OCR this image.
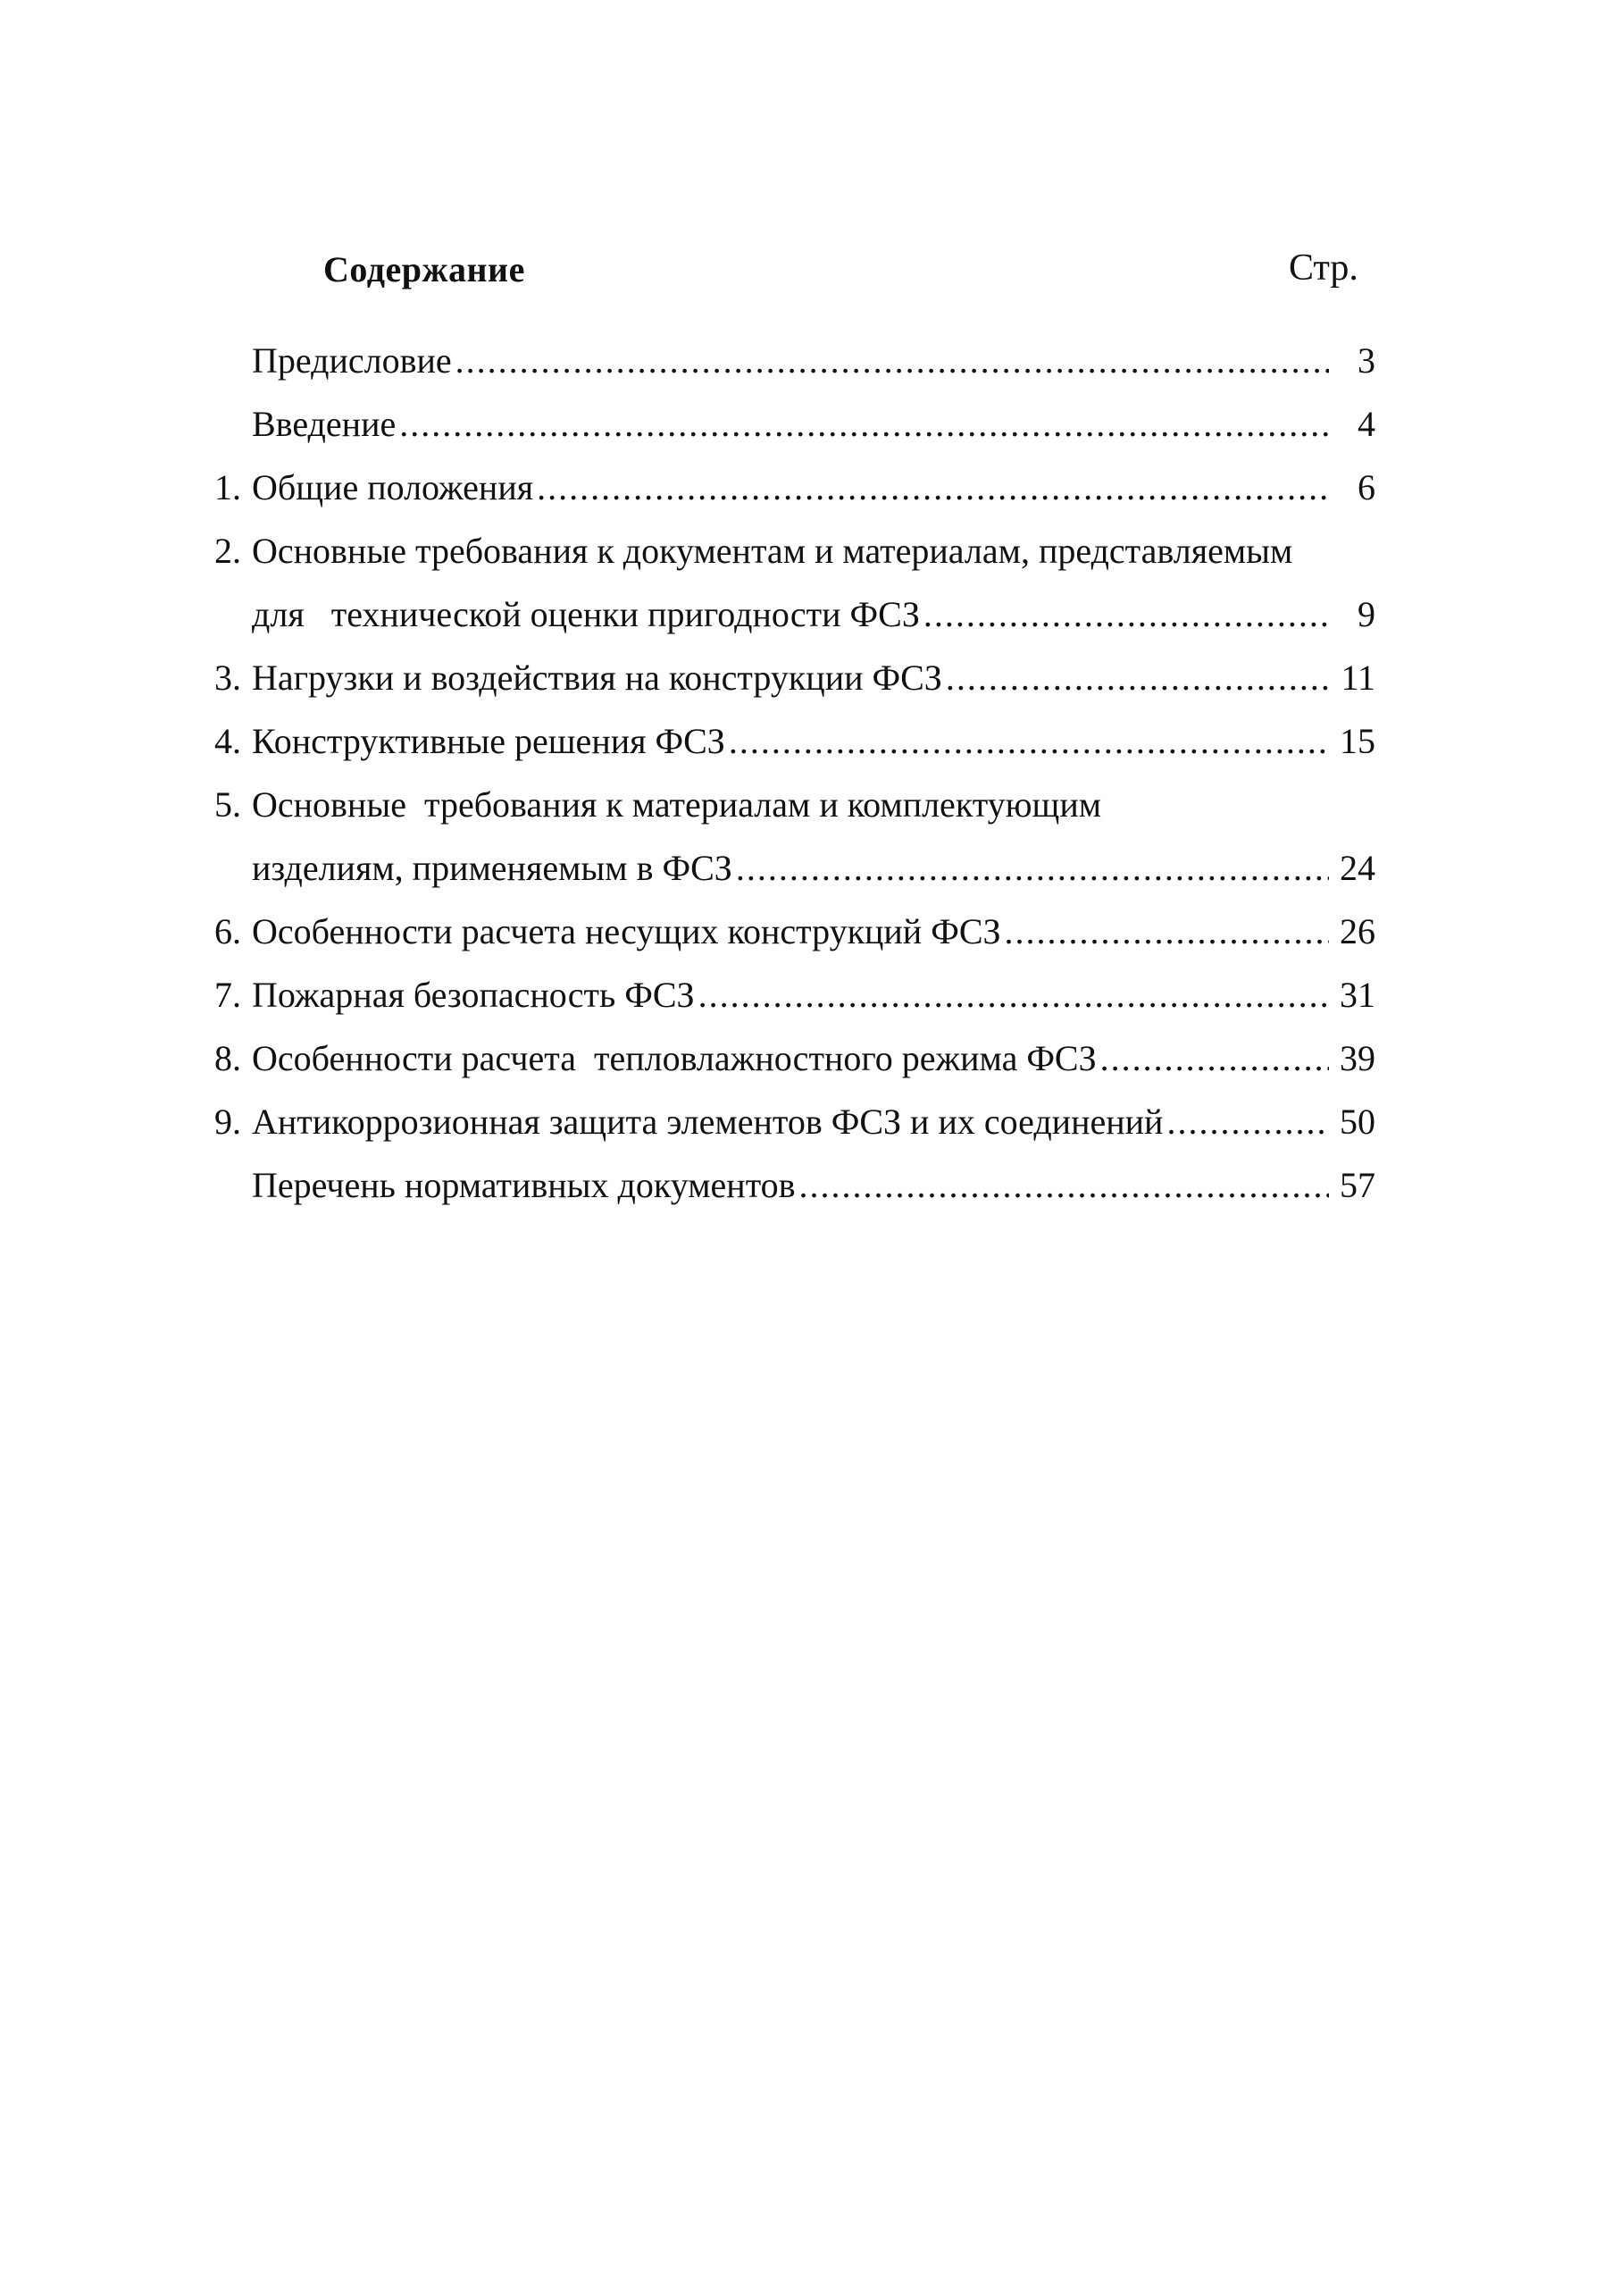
Содержание	Стр.
Предисловие .....	3
Введение .....	4
1. Общие положения .....	6
2. Основные требования к документам и материалам, представляемым
для   технической оценки пригодности ФСЗ .....	9
3. Нагрузки и воздействия на конструкции ФСЗ .....	11
4. Конструктивные решения ФСЗ .....	15
5. Основные  требования к материалам и комплектующим
изделиям, применяемым в ФСЗ .....	24
6. Особенности расчета несущих конструкций ФСЗ .....	26
7. Пожарная безопасность ФСЗ .....	31
8. Особенности расчета  тепловлажностного режима ФСЗ .....	39
9. Антикоррозионная защита элементов ФСЗ и их соединений .....	50
Перечень нормативных документов .....	57
